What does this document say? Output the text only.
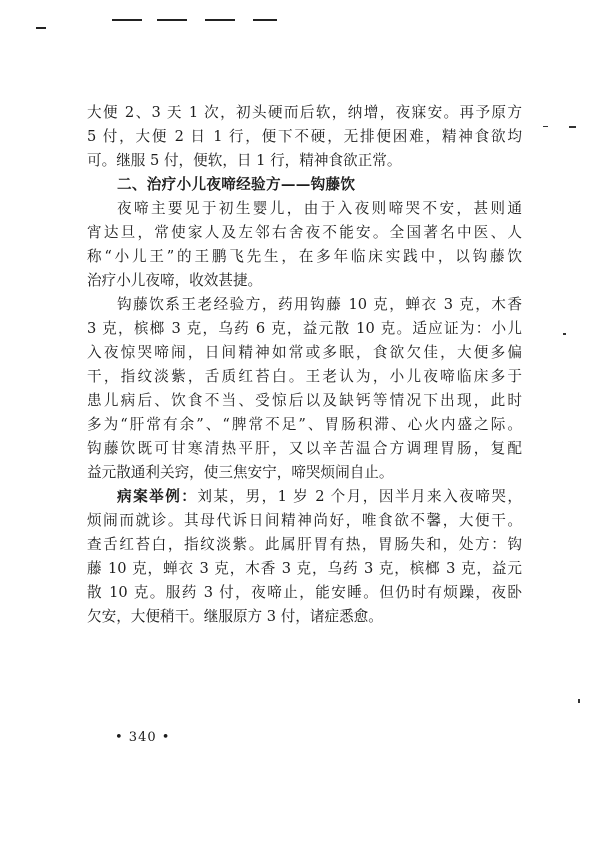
大便 2、3 天 1 次，初头硬而后软，纳增，夜寐安。再予原方
5 付，大便 2 日 1 行，便下不硬，无排便困难，精神食欲均
可。继服 5 付，便软，日 1 行，精神食欲正常。
二、治疗小儿夜啼经验方——钩藤饮
夜啼主要见于初生婴儿，由于入夜则啼哭不安，甚则通
宵达旦，常使家人及左邻右舍夜不能安。全国著名中医、人
称“小儿王”的王鹏飞先生，在多年临床实践中，以钩藤饮
治疗小儿夜啼，收效甚捷。
钩藤饮系王老经验方，药用钩藤 10 克，蝉衣 3 克，木香
3 克，槟榔 3 克，乌药 6 克，益元散 10 克。适应证为：小儿
入夜惊哭啼闹，日间精神如常或多眠，食欲欠佳，大便多偏
干，指纹淡紫，舌质红苔白。王老认为，小儿夜啼临床多于
患儿病后、饮食不当、受惊后以及缺钙等情况下出现，此时
多为“肝常有余”、“脾常不足”、胃肠积滞、心火内盛之际。
钩藤饮既可甘寒清热平肝，又以辛苦温合方调理胃肠，复配
益元散通利关窍，使三焦安宁，啼哭烦闹自止。
病案举例：刘某，男，1 岁 2 个月，因半月来入夜啼哭，
烦闹而就诊。其母代诉日间精神尚好，唯食欲不馨，大便干。
查舌红苔白，指纹淡紫。此属肝胃有热，胃肠失和，处方：钩
藤 10 克，蝉衣 3 克，木香 3 克，乌药 3 克，槟榔 3 克，益元
散 10 克。服药 3 付，夜啼止，能安睡。但仍时有烦躁，夜卧
欠安，大便稍干。继服原方 3 付，诸症悉愈。
• 340 •
